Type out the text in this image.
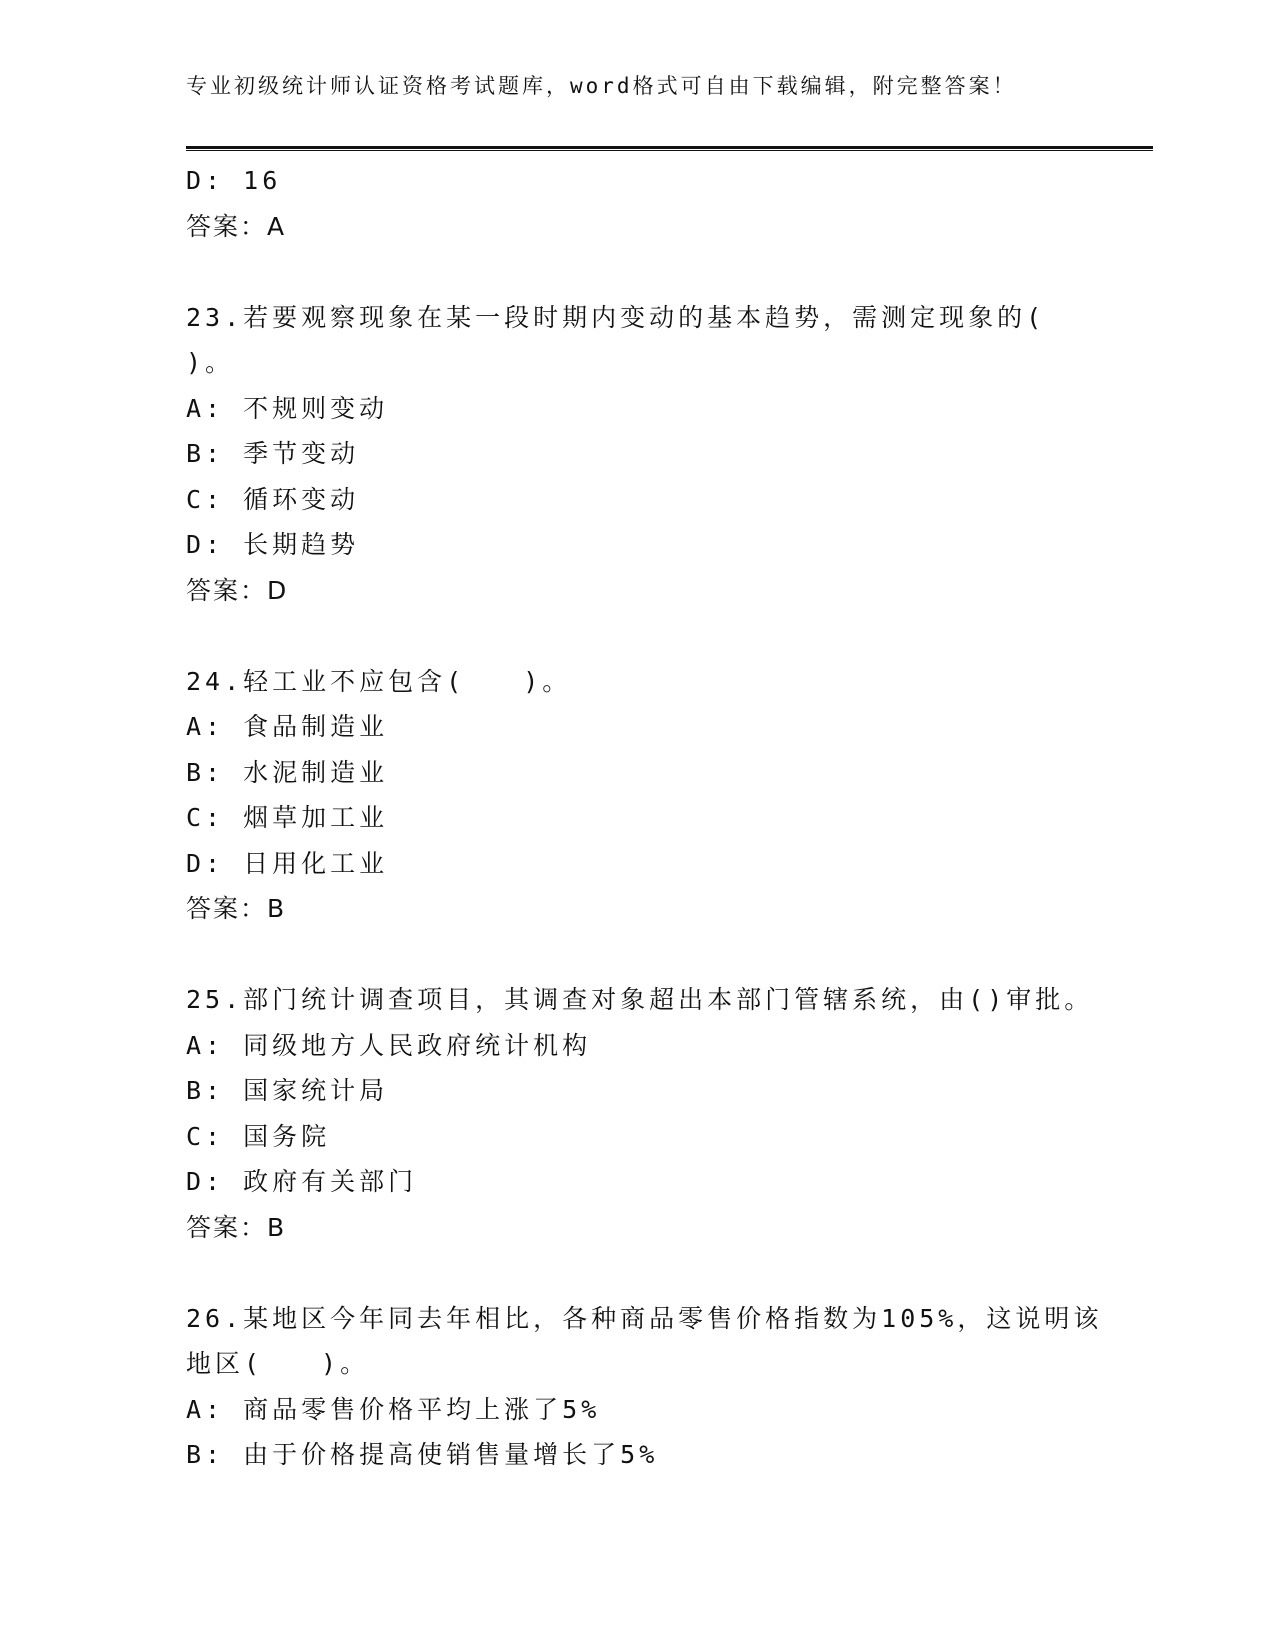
专业初级统计师认证资格考试题库，word格式可自由下载编辑，附完整答案！
D: 16
答案：A
23.若要观察现象在某一段时期内变动的基本趋势，需测定现象的(
)。
A: 不规则变动
B: 季节变动
C: 循环变动
D: 长期趋势
答案：D
24.轻工业不应包含(　　)。
A: 食品制造业
B: 水泥制造业
C: 烟草加工业
D: 日用化工业
答案：B
25.部门统计调查项目，其调查对象超出本部门管辖系统，由()审批。
A: 同级地方人民政府统计机构
B: 国家统计局
C: 国务院
D: 政府有关部门
答案：B
26.某地区今年同去年相比，各种商品零售价格指数为105%，这说明该
地区(　　)。
A: 商品零售价格平均上涨了5%
B: 由于价格提高使销售量增长了5%
